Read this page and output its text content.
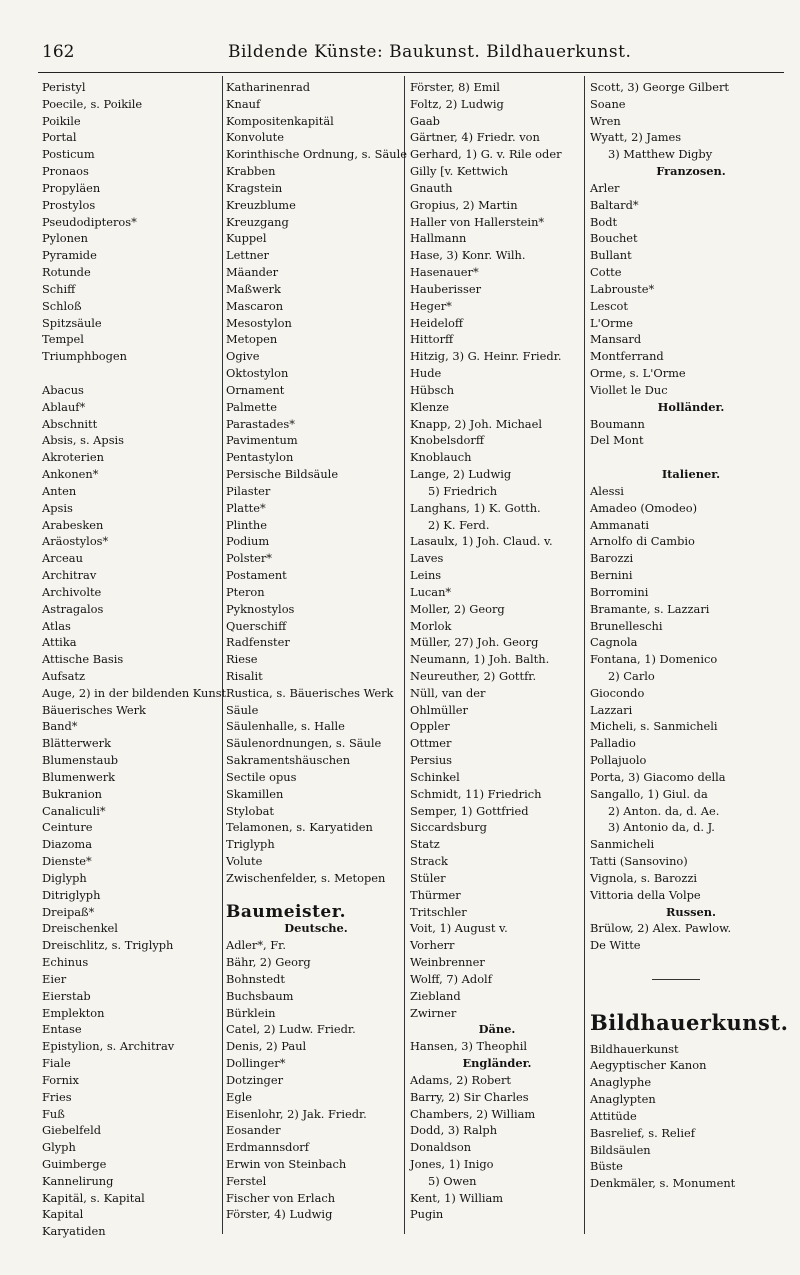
162	Bildende Künste: Baukunst. Bildhauerkunst.
Peristyl
Poecile, s. Poikile
Poikile
Portal
Posticum
Pronaos
Propyläen
Prostylos
Pseudodipteros*
Pylonen
Pyramide
Rotunde
Schiff
Schloß
Spitzsäule
Tempel
Triumphbogen
Abacus
Ablauf*
Abschnitt
Absis, s. Apsis
Akroterien
Ankonen*
Anten
Apsis
Arabesken
Aräostylos*
Arceau
Architrav
Archivolte
Astragalos
Atlas
Attika
Attische Basis
Aufsatz
Auge, 2) in der bildenden Kunst
Bäuerisches Werk
Band*
Blätterwerk
Blumenstaub
Blumenwerk
Bukranion
Canaliculi*
Ceinture
Diazoma
Dienste*
Diglyph
Ditriglyph
Dreipaß*
Dreischenkel
Dreischlitz, s. Triglyph
Echinus
Eier
Eierstab
Emplekton
Entase
Epistylion, s. Architrav
Fiale
Fornix
Fries
Fuß
Giebelfeld
Glyph
Guimberge
Kannelirung
Kapitäl, s. Kapital
Kapital
Karyatiden
Katharinenrad
Knauf
Kompositenkapitäl
Konvolute
Korinthische Ordnung, s. Säule
Krabben
Kragstein
Kreuzblume
Kreuzgang
Kuppel
Lettner
Mäander
Maßwerk
Mascaron
Mesostylon
Metopen
Ogive
Oktostylon
Ornament
Palmette
Parastades*
Pavimentum
Pentastylon
Persische Bildsäule
Pilaster
Platte*
Plinthe
Podium
Polster*
Postament
Pteron
Pyknostylos
Querschiff
Radfenster
Riese
Risalit
Rustica, s. Bäuerisches Werk
Säule
Säulenhalle, s. Halle
Säulenordnungen, s. Säule
Sakramentshäuschen
Sectile opus
Skamillen
Stylobat
Telamonen, s. Karyatiden
Triglyph
Volute
Zwischenfelder, s. Metopen
Baumeister.
Deutsche.
Adler*, Fr.
Bähr, 2) Georg
Bohnstedt
Buchsbaum
Bürklein
Catel, 2) Ludw. Friedr.
Denis, 2) Paul
Dollinger*
Dotzinger
Egle
Eisenlohr, 2) Jak. Friedr.
Eosander
Erdmannsdorf
Erwin von Steinbach
Ferstel
Fischer von Erlach
Förster, 4) Ludwig
Förster, 8) Emil
Foltz, 2) Ludwig
Gaab
Gärtner, 4) Friedr. von
Gerhard, 1) G. v. Rile oder
Gilly [v. Kettwich
Gnauth
Gropius, 2) Martin
Haller von Hallerstein*
Hallmann
Hase, 3) Konr. Wilh.
Hasenauer*
Hauberisser
Heger*
Heideloff
Hittorff
Hitzig, 3) G. Heinr. Friedr.
Hude
Hübsch
Klenze
Knapp, 2) Joh. Michael
Knobelsdorff
Knoblauch
Lange, 2) Ludwig
5) Friedrich
Langhans, 1) K. Gotth.
2) K. Ferd.
Lasaulx, 1) Joh. Claud. v.
Laves
Leins
Lucan*
Moller, 2) Georg
Morlok
Müller, 27) Joh. Georg
Neumann, 1) Joh. Balth.
Neureuther, 2) Gottfr.
Nüll, van der
Ohlmüller
Oppler
Ottmer
Persius
Schinkel
Schmidt, 11) Friedrich
Semper, 1) Gottfried
Siccardsburg
Statz
Strack
Stüler
Thürmer
Tritschler
Voit, 1) August v.
Vorherr
Weinbrenner
Wolff, 7) Adolf
Ziebland
Zwirner
Däne.
Hansen, 3) Theophil
Engländer.
Adams, 2) Robert
Barry, 2) Sir Charles
Chambers, 2) William
Dodd, 3) Ralph
Donaldson
Jones, 1) Inigo
5) Owen
Kent, 1) William
Pugin
Scott, 3) George Gilbert
Soane
Wren
Wyatt, 2) James
3) Matthew Digby
Franzosen.
Arler
Baltard*
Bodt
Bouchet
Bullant
Cotte
Labrouste*
Lescot
L'Orme
Mansard
Montferrand
Orme, s. L'Orme
Viollet le Duc
Holländer.
Boumann
Del Mont
Italiener.
Alessi
Amadeo (Omodeo)
Ammanati
Arnolfo di Cambio
Barozzi
Bernini
Borromini
Bramante, s. Lazzari
Brunelleschi
Cagnola
Fontana, 1) Domenico
2) Carlo
Giocondo
Lazzari
Micheli, s. Sanmicheli
Palladio
Pollajuolo
Porta, 3) Giacomo della
Sangallo, 1) Giul. da
2) Anton. da, d. Ae.
3) Antonio da, d. J.
Sanmicheli
Tatti (Sansovino)
Vignola, s. Barozzi
Vittoria della Volpe
Russen.
Brülow, 2) Alex. Pawlow.
De Witte
Bildhauerkunst.
Bildhauerkunst
Aegyptischer Kanon
Anaglyphe
Anaglypten
Attitüde
Basrelief, s. Relief
Bildsäulen
Büste
Denkmäler, s. Monument
